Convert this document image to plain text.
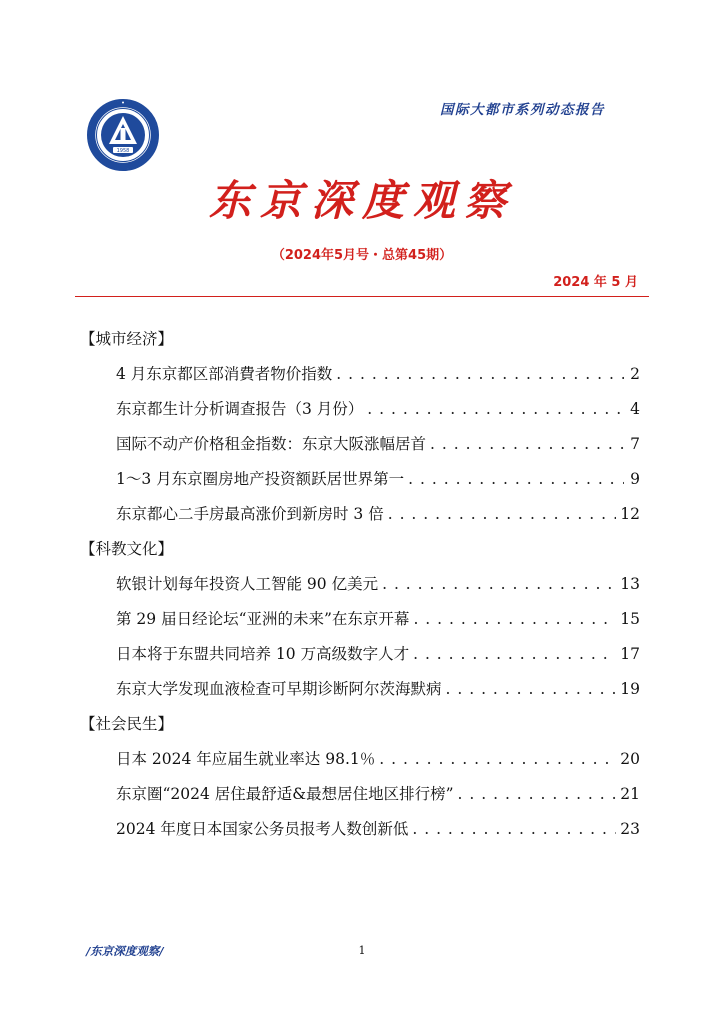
1958
国际大都市系列动态报告
东京深度观察
（2024年5月号・总第45期）
2024 年 5 月
【城市经济】
4 月东京都区部消費者物价指数 . . .	2
东京都生计分析调查报告（3 月份） . . .	4
国际不动产价格租金指数：东京大阪涨幅居首 . . .	7
1～3 月东京圈房地产投资额跃居世界第一 . . .	9
东京都心二手房最高涨价到新房时 3 倍 . . .	12
【科教文化】
软银计划每年投资人工智能 90 亿美元 . . .	13
第 29 届日经论坛“亚洲的未来”在东京开幕 . . .	15
日本将于东盟共同培养 10 万高级数字人才 . . .	17
东京大学发现血液检查可早期诊断阿尔茨海默病 . . .	19
【社会民生】
日本 2024 年应届生就业率达 98.1％ . . .	20
东京圈“2024 居住最舒适&最想居住地区排行榜” . . .	21
2024 年度日本国家公务员报考人数创新低 . . .	23
/东京深度观察/	1
